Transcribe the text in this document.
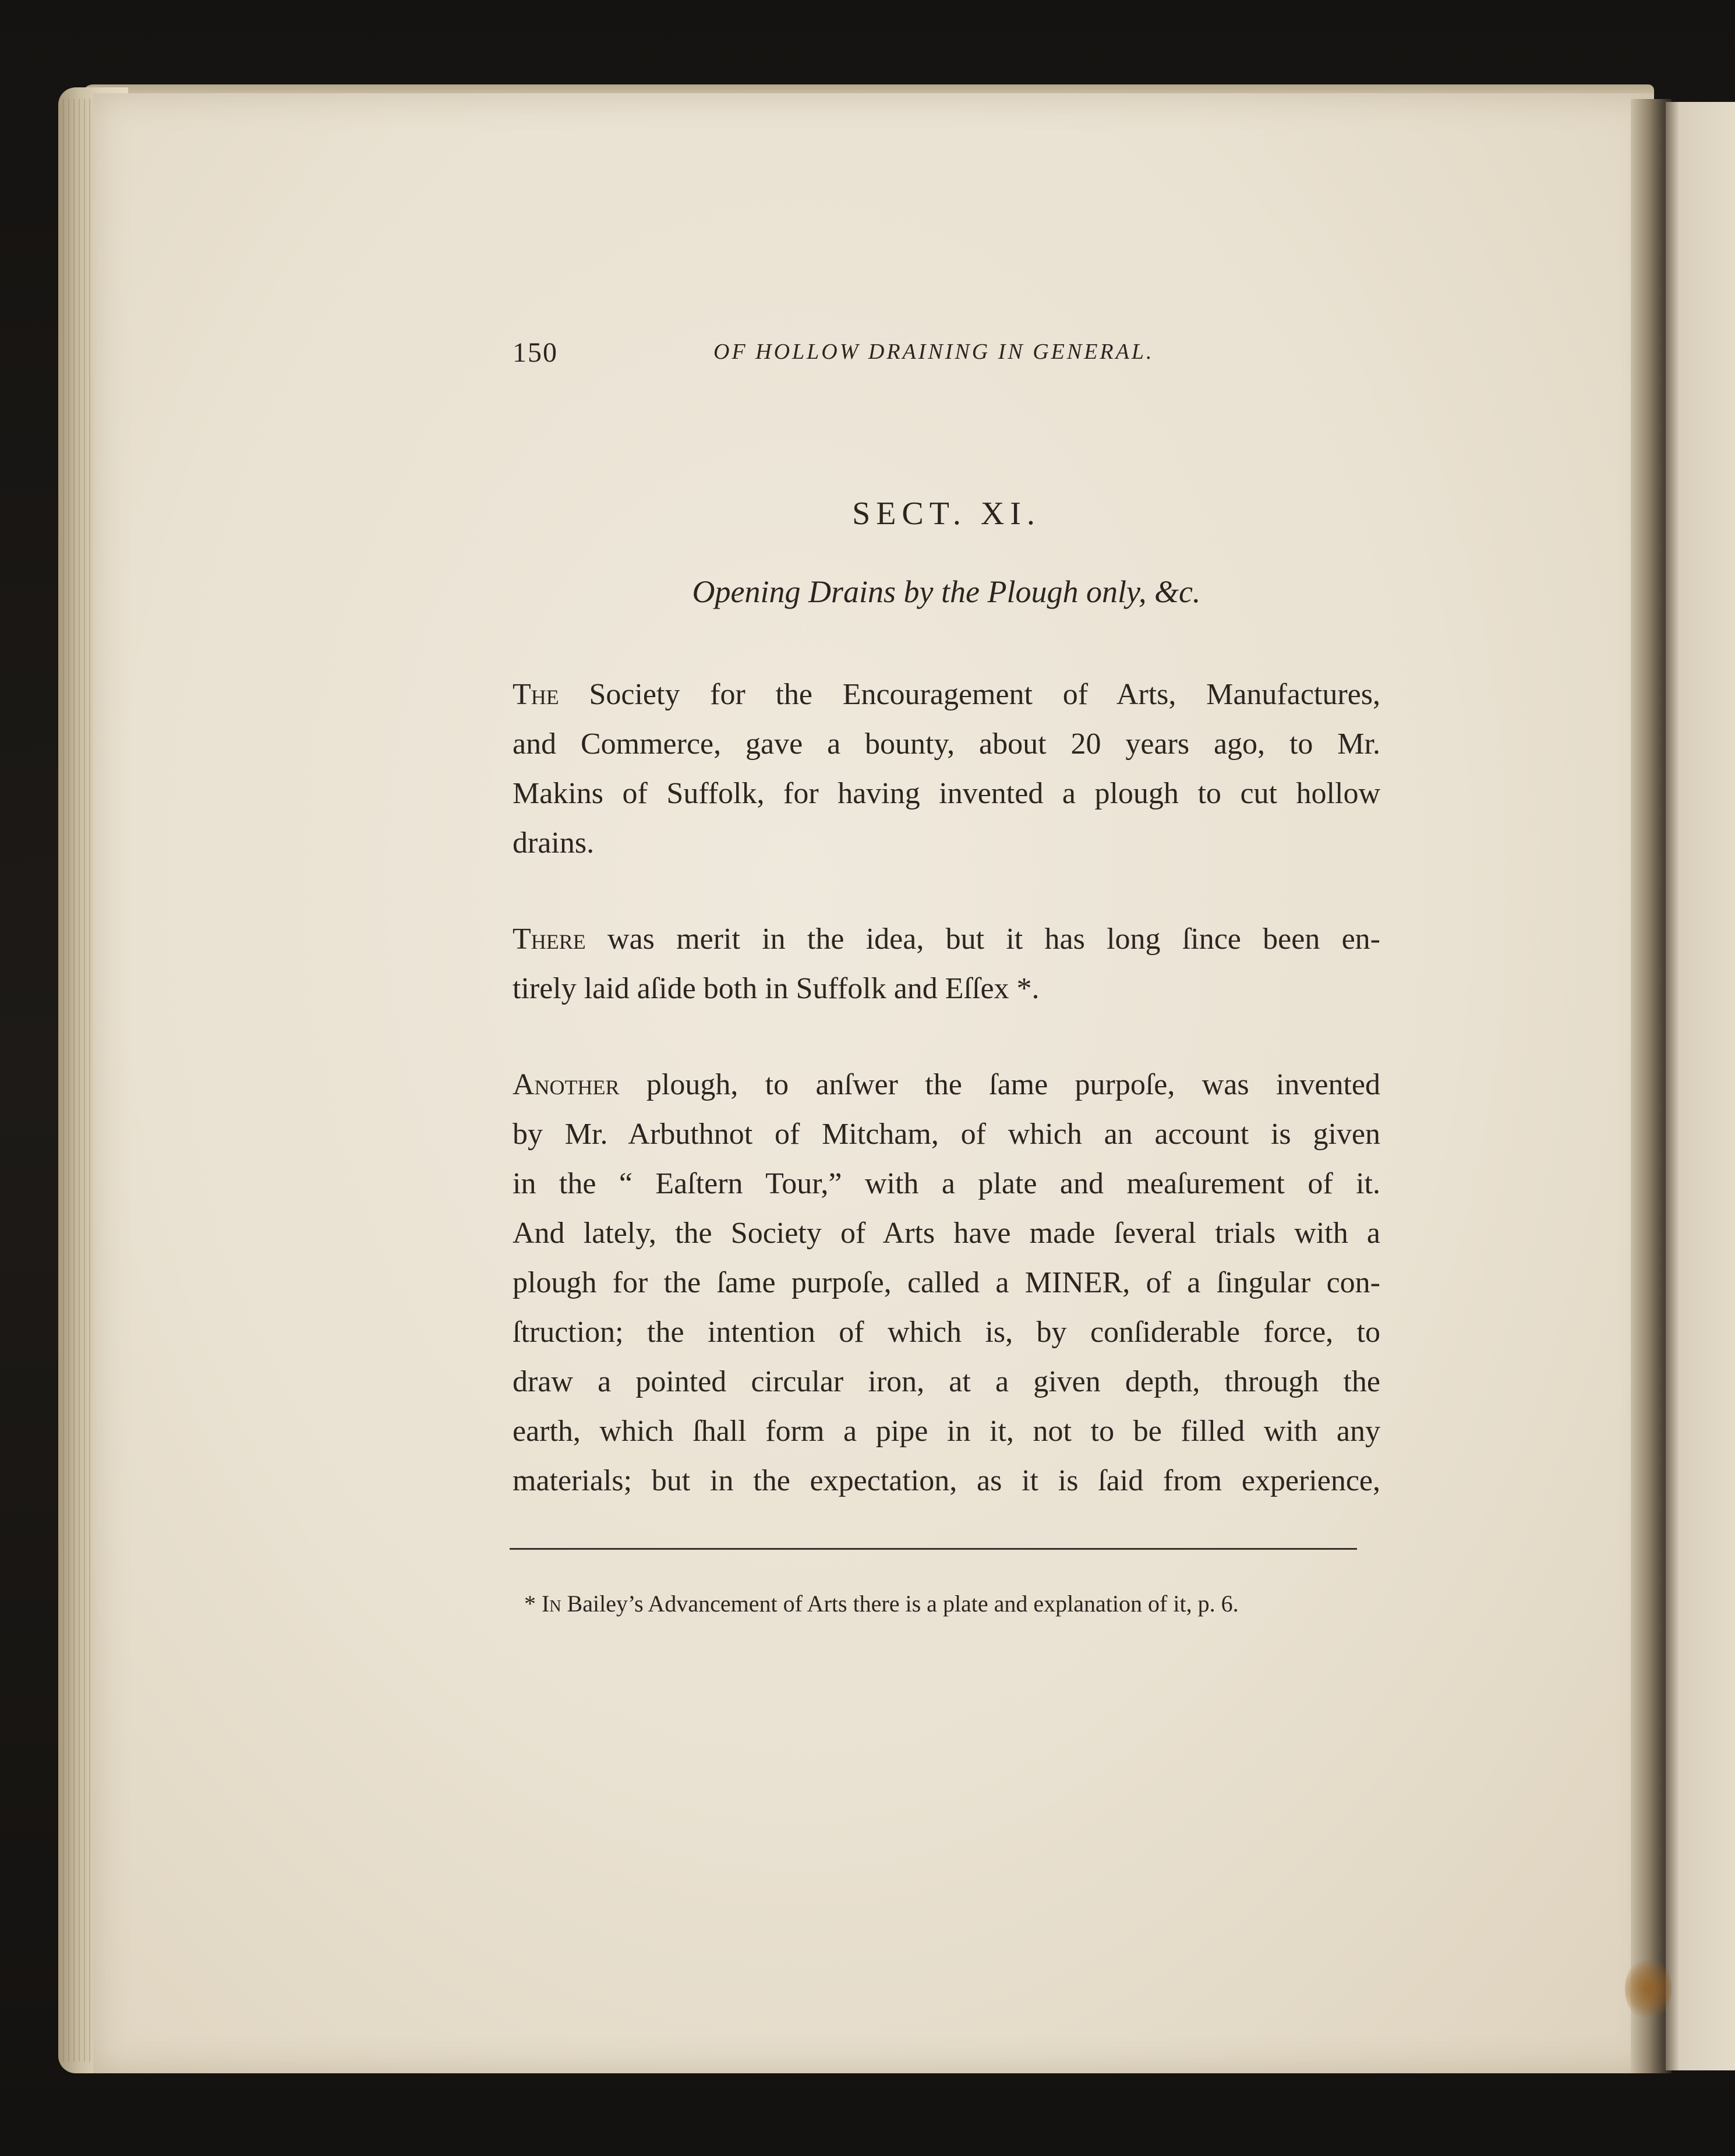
150	OF HOLLOW DRAINING IN GENERAL.
SECT. XI.
Opening Drains by the Plough only, &c.

The Society for the Encouragement of Arts, Manufactures,
and Commerce, gave a bounty, about 20 years ago, to Mr.
Makins of Suffolk, for having invented a plough to cut hollow
drains.

There was merit in the idea, but it has long ſince been en-
tirely laid aſide both in Suffolk and Eſſex *.

Another plough, to anſwer the ſame purpoſe, was invented
by Mr. Arbuthnot of Mitcham, of which an account is given
in the “ Eaſtern Tour,” with a plate and meaſurement of it.
And lately, the Society of Arts have made ſeveral trials with a
plough for the ſame purpoſe, called a MINER, of a ſingular con-
ſtruction; the intention of which is, by conſiderable force, to
draw a pointed circular iron, at a given depth, through the
earth, which ſhall form a pipe in it, not to be filled with any
materials; but in the expectation, as it is ſaid from experience,

* In Bailey’s Advancement of Arts there is a plate and explanation of it, p. 6.
